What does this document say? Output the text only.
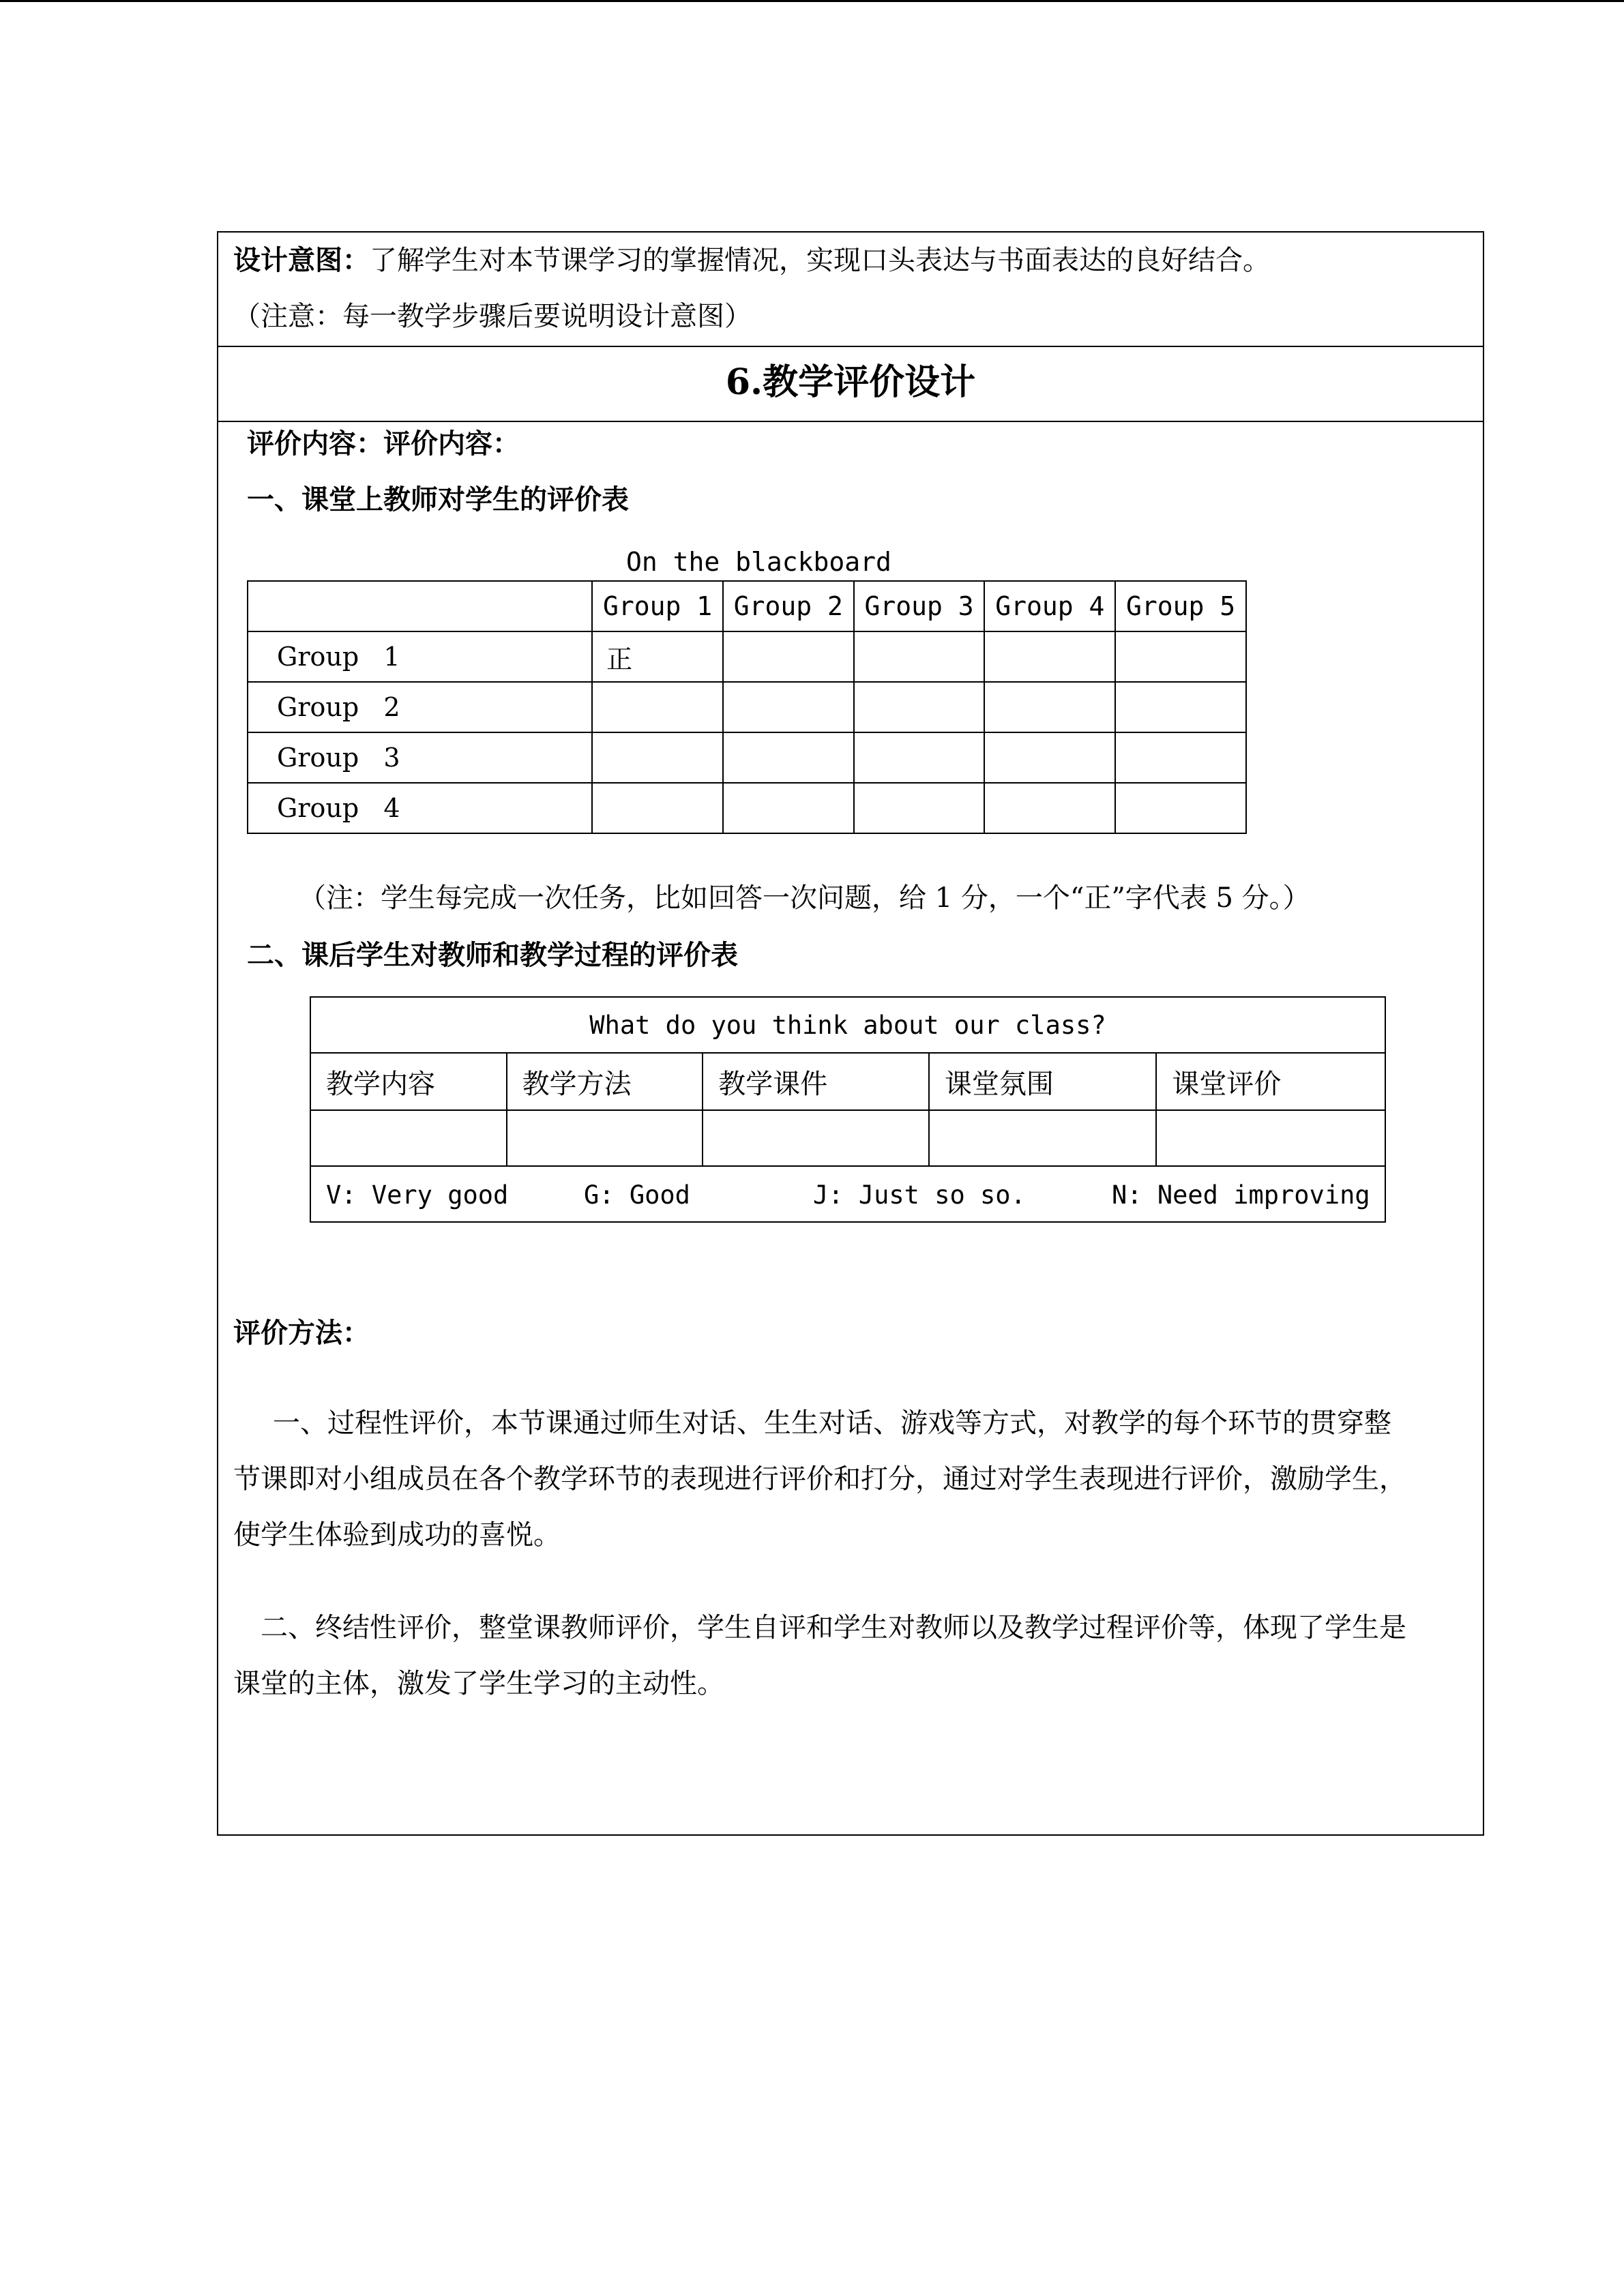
设计意图：了解学生对本节课学习的掌握情况，实现口头表达与书面表达的良好结合。
（注意：每一教学步骤后要说明设计意图）
6.教学评价设计
评价内容：评价内容：
一、课堂上教师对学生的评价表
On the blackboard
	Group 1	Group 2	Group 3	Group 4	Group 5
Group   1	正				
Group   2					
Group   3					
Group   4					
（注：学生每完成一次任务，比如回答一次问题，给 1 分，一个“正”字代表 5 分。）
二、课后学生对教师和教学过程的评价表
What do you think about our class?				
教学内容	教学方法	教学课件	课堂氛围	课堂评价

V: Very good G: Good J: Just so so. N: Need improving				
评价方法：
一、过程性评价，本节课通过师生对话、生生对话、游戏等方式，对教学的每个环节的贯穿整
节课即对小组成员在各个教学环节的表现进行评价和打分，通过对学生表现进行评价，激励学生，
使学生体验到成功的喜悦。
二、终结性评价，整堂课教师评价，学生自评和学生对教师以及教学过程评价等，体现了学生是
课堂的主体，激发了学生学习的主动性。
